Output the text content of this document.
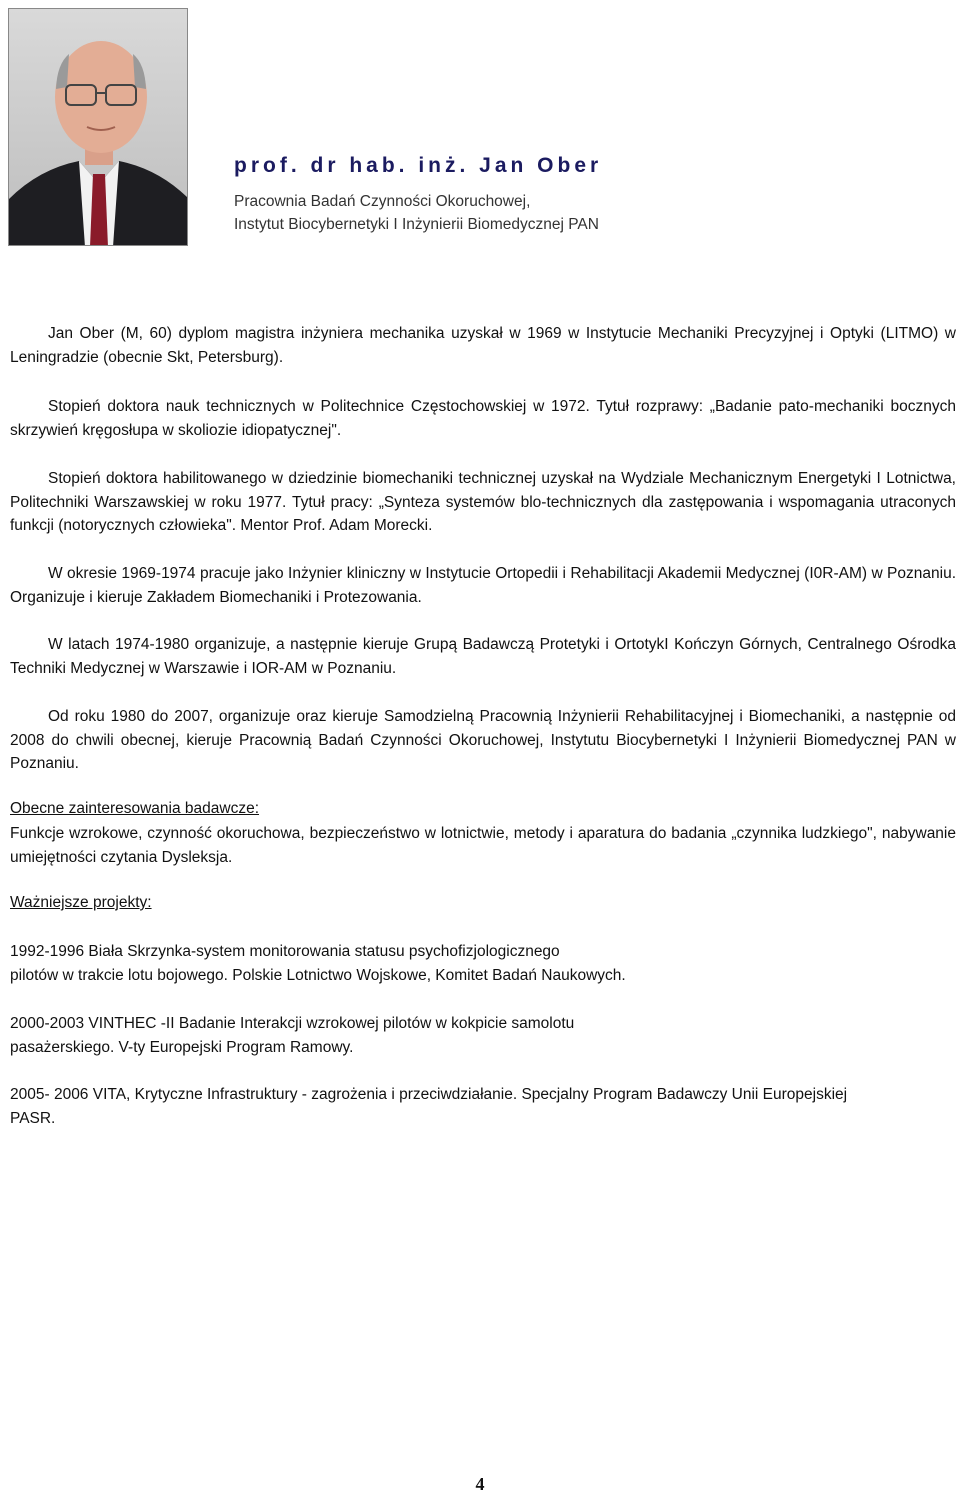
prof. dr hab. inż. Jan Ober
Pracownia Badań Czynności Okoruchowej,
Instytut Biocybernetyki I Inżynierii Biomedycznej PAN

Jan Ober (M, 60) dyplom magistra inżyniera mechanika uzyskał w 1969 w Instytucie Mechaniki Precyzyjnej i Optyki (LITMO) w Leningradzie (obecnie Skt, Petersburg).

Stopień doktora nauk technicznych w Politechnice Częstochowskiej w 1972. Tytuł rozprawy: „Badanie pato-mechaniki bocznych skrzywień kręgosłupa w skoliozie idiopatycznej".

Stopień doktora habilitowanego w dziedzinie biomechaniki technicznej uzyskał na Wydziale Mechanicznym Energetyki I Lotnictwa, Politechniki Warszawskiej w roku 1977. Tytuł pracy: „Synteza systemów blo-technicznych dla zastępowania i wspomagania utraconych funkcji (notorycznych człowieka". Mentor Prof. Adam Morecki.

W okresie 1969-1974 pracuje jako Inżynier kliniczny w Instytucie Ortopedii i Rehabilitacji Akademii Medycznej (I0R-AM) w Poznaniu. Organizuje i kieruje Zakładem Biomechaniki i Protezowania.

W latach 1974-1980 organizuje, a następnie kieruje Grupą Badawczą Protetyki i OrtotykI Kończyn Górnych, Centralnego Ośrodka Techniki Medycznej w Warszawie i IOR-AM w Poznaniu.

Od roku 1980 do 2007, organizuje oraz kieruje Samodzielną Pracownią Inżynierii Rehabilitacyjnej i Biomechaniki, a następnie od 2008 do chwili obecnej, kieruje Pracownią Badań Czynności Okoruchowej, Instytutu Biocybernetyki I Inżynierii Biomedycznej PAN w Poznaniu.

Obecne zainteresowania badawcze:

Funkcje wzrokowe, czynność okoruchowa, bezpieczeństwo w lotnictwie, metody i aparatura do badania „czynnika ludzkiego", nabywanie umiejętności czytania Dysleksja.

Ważniejsze projekty:
1992-1996 Biała Skrzynka-system monitorowania statusu psychofizjologicznego
pilotów w trakcie lotu bojowego. Polskie Lotnictwo Wojskowe, Komitet Badań Naukowych.
2000-2003 VINTHEC -II Badanie Interakcji wzrokowej pilotów w kokpicie samolotu
pasażerskiego. V-ty Europejski Program Ramowy.
2005- 2006 VITA, Krytyczne Infrastruktury - zagrożenia i przeciwdziałanie. Specjalny Program Badawczy Unii Europejskiej
PASR.
4
